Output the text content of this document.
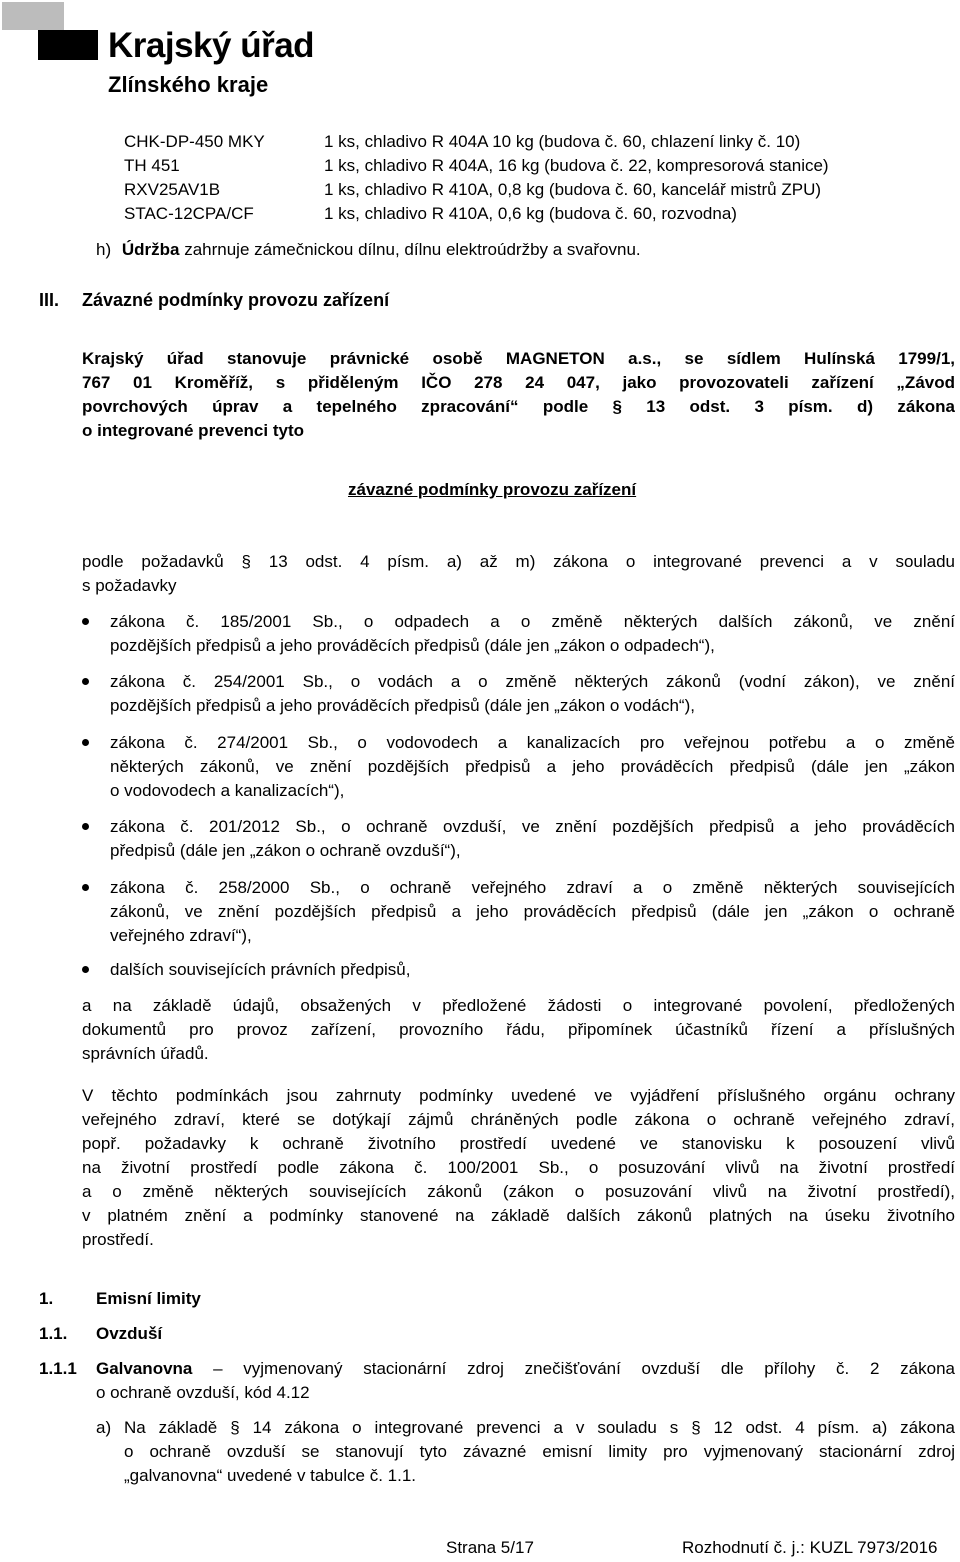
Krajský úřad
Zlínského kraje
CHK-DP-450 MKY	1 ks, chladivo R 404A 10 kg (budova č. 60, chlazení linky č. 10)
TH 451	1 ks, chladivo R 404A, 16 kg (budova č. 22, kompresorová stanice)
RXV25AV1B	1 ks, chladivo R 410A, 0,8 kg (budova č. 60, kancelář mistrů ZPU)
STAC-12CPA/CF	1 ks, chladivo R 410A, 0,6 kg (budova č. 60, rozvodna)
h) Údržba zahrnuje zámečnickou dílnu, dílnu elektroúdržby a svařovnu.
III. Závazné podmínky provozu zařízení
Krajský úřad stanovuje právnické osobě MAGNETON a.s., se sídlem Hulínská 1799/1,
767 01 Kroměříž, s přiděleným IČO 278 24 047, jako provozovateli zařízení „Závod
povrchových úprav a tepelného zpracování“ podle § 13 odst. 3 písm. d) zákona
o integrované prevenci tyto
závazné podmínky provozu zařízení
podle požadavků § 13 odst. 4 písm. a) až m) zákona o integrované prevenci a v souladu
s požadavky
zákona č. 185/2001 Sb., o odpadech a o změně některých dalších zákonů, ve znění
pozdějších předpisů a jeho prováděcích předpisů (dále jen „zákon o odpadech“),
zákona č. 254/2001 Sb., o vodách a o změně některých zákonů (vodní zákon), ve znění
pozdějších předpisů a jeho prováděcích předpisů (dále jen „zákon o vodách“),
zákona č. 274/2001 Sb., o vodovodech a kanalizacích pro veřejnou potřebu a o změně
některých zákonů, ve znění pozdějších předpisů a jeho prováděcích předpisů (dále jen „zákon
o vodovodech a kanalizacích“),
zákona č. 201/2012 Sb., o ochraně ovzduší, ve znění pozdějších předpisů a jeho prováděcích
předpisů (dále jen „zákon o ochraně ovzduší“),
zákona č. 258/2000 Sb., o ochraně veřejného zdraví a o změně některých souvisejících
zákonů, ve znění pozdějších předpisů a jeho prováděcích předpisů (dále jen „zákon o ochraně
veřejného zdraví“),
dalších souvisejících právních předpisů,
a na základě údajů, obsažených v předložené žádosti o integrované povolení, předložených
dokumentů pro provoz zařízení, provozního řádu, připomínek účastníků řízení a příslušných
správních úřadů.
V těchto podmínkách jsou zahrnuty podmínky uvedené ve vyjádření příslušného orgánu ochrany
veřejného zdraví, které se dotýkají zájmů chráněných podle zákona o ochraně veřejného zdraví,
popř. požadavky k ochraně životního prostředí uvedené ve stanovisku k posouzení vlivů
na životní prostředí podle zákona č. 100/2001 Sb., o posuzování vlivů na životní prostředí
a o změně některých souvisejících zákonů (zákon o posuzování vlivů na životní prostředí),
v platném znění a podmínky stanovené na základě dalších zákonů platných na úseku životního
prostředí.
1.	Emisní limity
1.1. Ovzduší
1.1.1 Galvanovna – vyjmenovaný stacionární zdroj znečišťování ovzduší dle přílohy č. 2 zákona
o ochraně ovzduší, kód 4.12
a) Na základě § 14 zákona o integrované prevenci a v souladu s § 12 odst. 4 písm. a) zákona
o ochraně ovzduší se stanovují tyto závazné emisní limity pro vyjmenovaný stacionární zdroj
„galvanovna“ uvedené v tabulce č. 1.1.
Strana 5/17	Rozhodnutí č. j.: KUZL 7973/2016
